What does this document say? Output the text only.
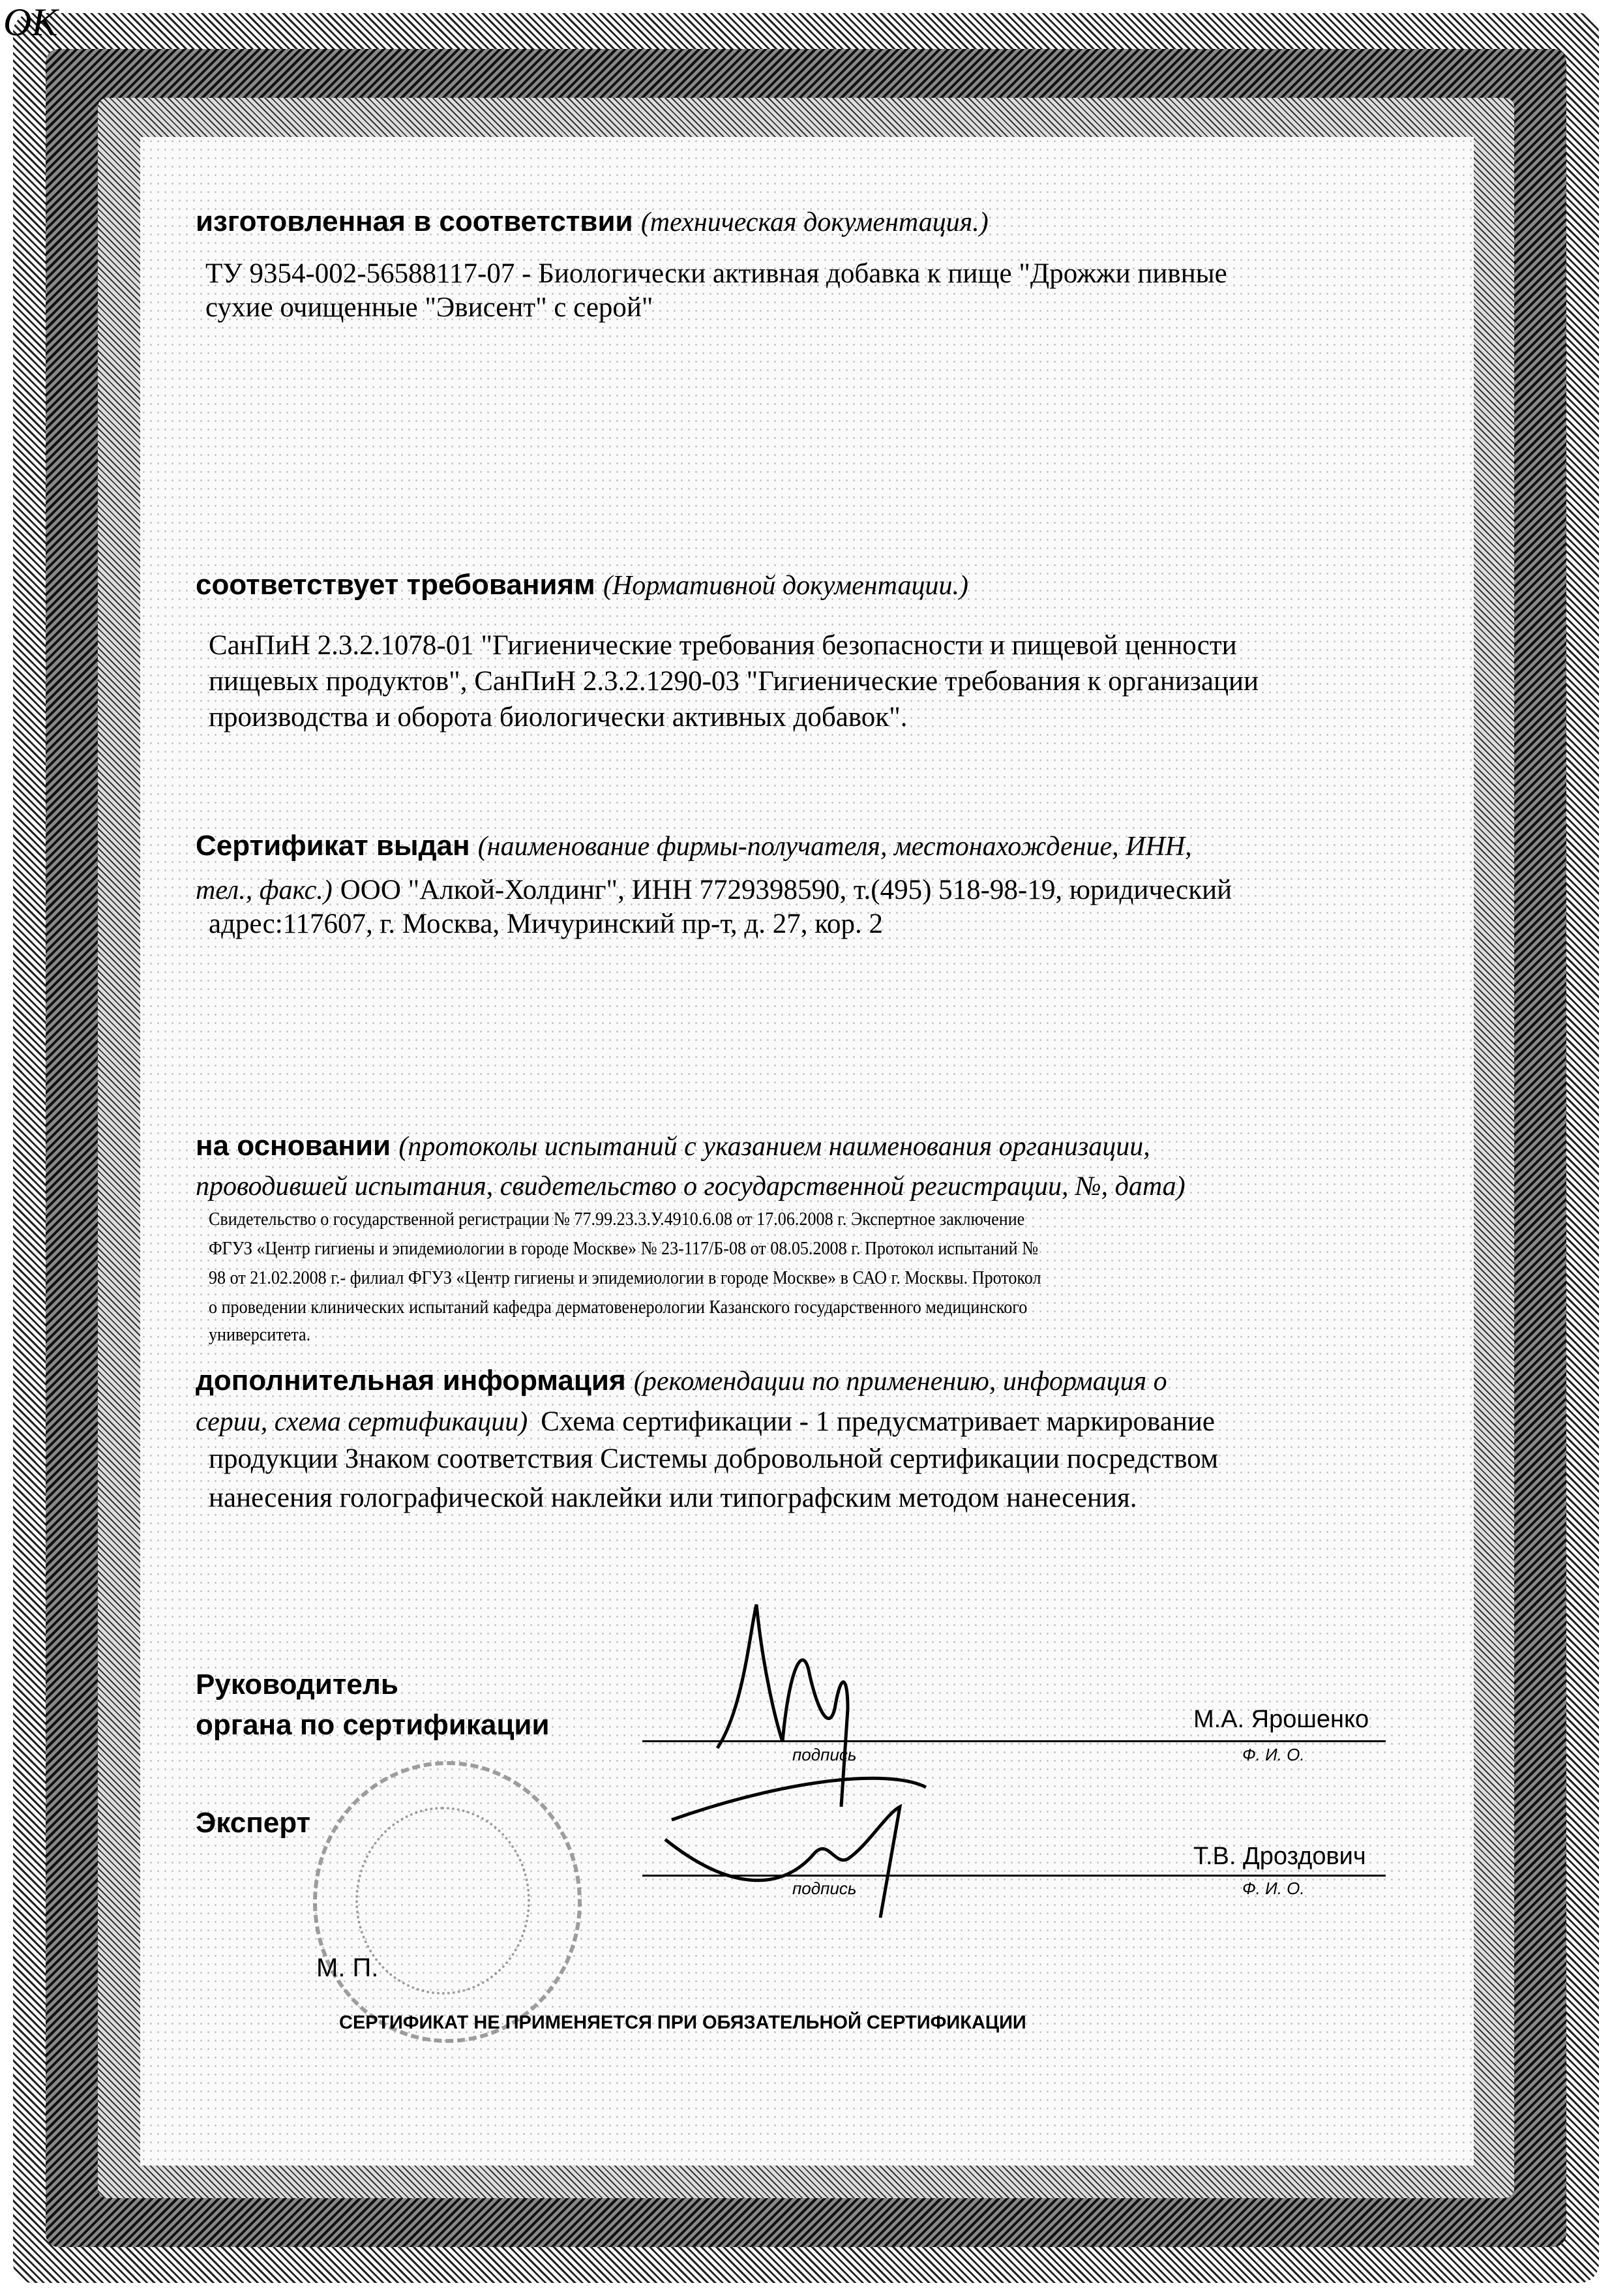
ОК
изготовленная в соответствии (техническая документация.)
ТУ 9354-002-56588117-07 - Биологически активная добавка к пище "Дрожжи пивные
сухие очищенные "Эвисент" с серой"
соответствует требованиям (Нормативной документации.)
СанПиН 2.3.2.1078-01 "Гигиенические требования безопасности и пищевой ценности
пищевых продуктов", СанПиН 2.3.2.1290-03 "Гигиенические требования к организации
производства и оборота биологически активных добавок".
Сертификат выдан (наименование фирмы-получателя, местонахождение, ИНН,
тел., факс.) ООО "Алкой-Холдинг", ИНН 7729398590, т.(495) 518-98-19, юридический
адрес:117607, г. Москва, Мичуринский пр-т, д. 27, кор. 2
на основании (протоколы испытаний с указанием наименования организации,
проводившей испытания, свидетельство о государственной регистрации, №, дата)
Свидетельство о государственной регистрации № 77.99.23.3.У.4910.6.08 от 17.06.2008 г. Экспертное заключение
ФГУЗ «Центр гигиены и эпидемиологии в городе Москве» № 23-117/Б-08 от 08.05.2008 г. Протокол испытаний №
98 от 21.02.2008 г.- филиал ФГУЗ «Центр гигиены и эпидемиологии в городе Москве» в САО г. Москвы. Протокол
о проведении клинических испытаний кафедра дерматовенерологии Казанского государственного медицинского
университета.
дополнительная информация (рекомендации по применению, информация о
серии, схема сертификации) Схема сертификации - 1 предусматривает маркирование
продукции Знаком соответствия Системы добровольной сертификации посредством
нанесения голографической наклейки или типографским методом нанесения.
Руководитель
органа по сертификации	М.А. Ярошенко
подпись	Ф. И. О.
Эксперт
Т.В. Дроздович
подпись	Ф. И. О.
М. П.
СЕРТИФИКАТ НЕ ПРИМЕНЯЕТСЯ ПРИ ОБЯЗАТЕЛЬНОЙ СЕРТИФИКАЦИИ
